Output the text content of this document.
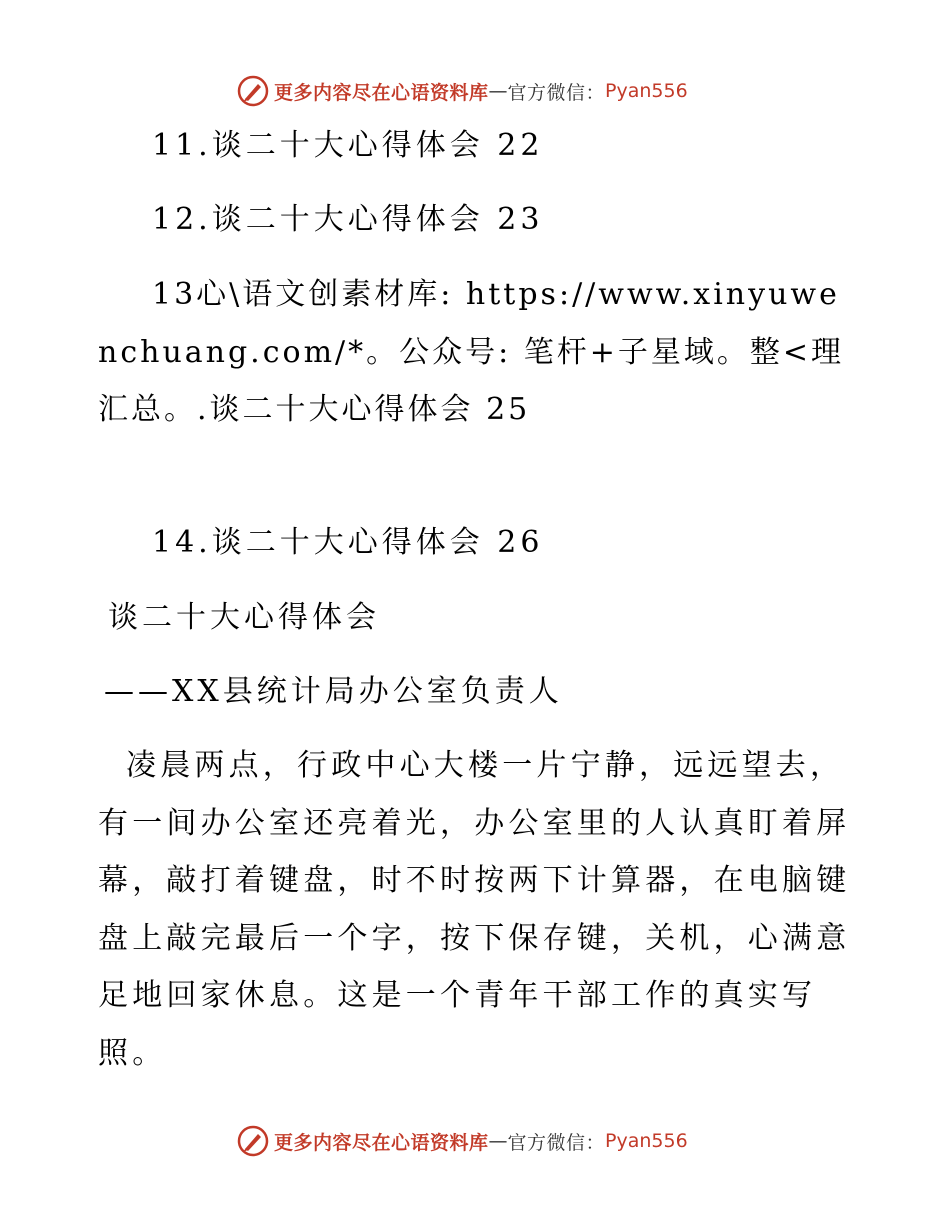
更多内容尽在心语资料库 — 官方微信： Pyan556
11.谈二十大心得体会 22
12.谈二十大心得体会 23

13心\语文创素材库: https://www.xinyuwenchuang.com/*。公众号: 笔杆+子星域。整<理汇总。.谈二十大心得体会 25

14.谈二十大心得体会 26
谈二十大心得体会
——XX县统计局办公室负责人

凌晨两点，行政中心大楼一片宁静，远远望去，有一间办公室还亮着光，办公室里的人认真盯着屏幕，敲打着键盘，时不时按两下计算器，在电脑键盘上敲完最后一个字，按下保存键，关机，心满意足地回家休息。这是一个青年干部工作的真实写照。

更多内容尽在心语资料库 — 官方微信： Pyan556
